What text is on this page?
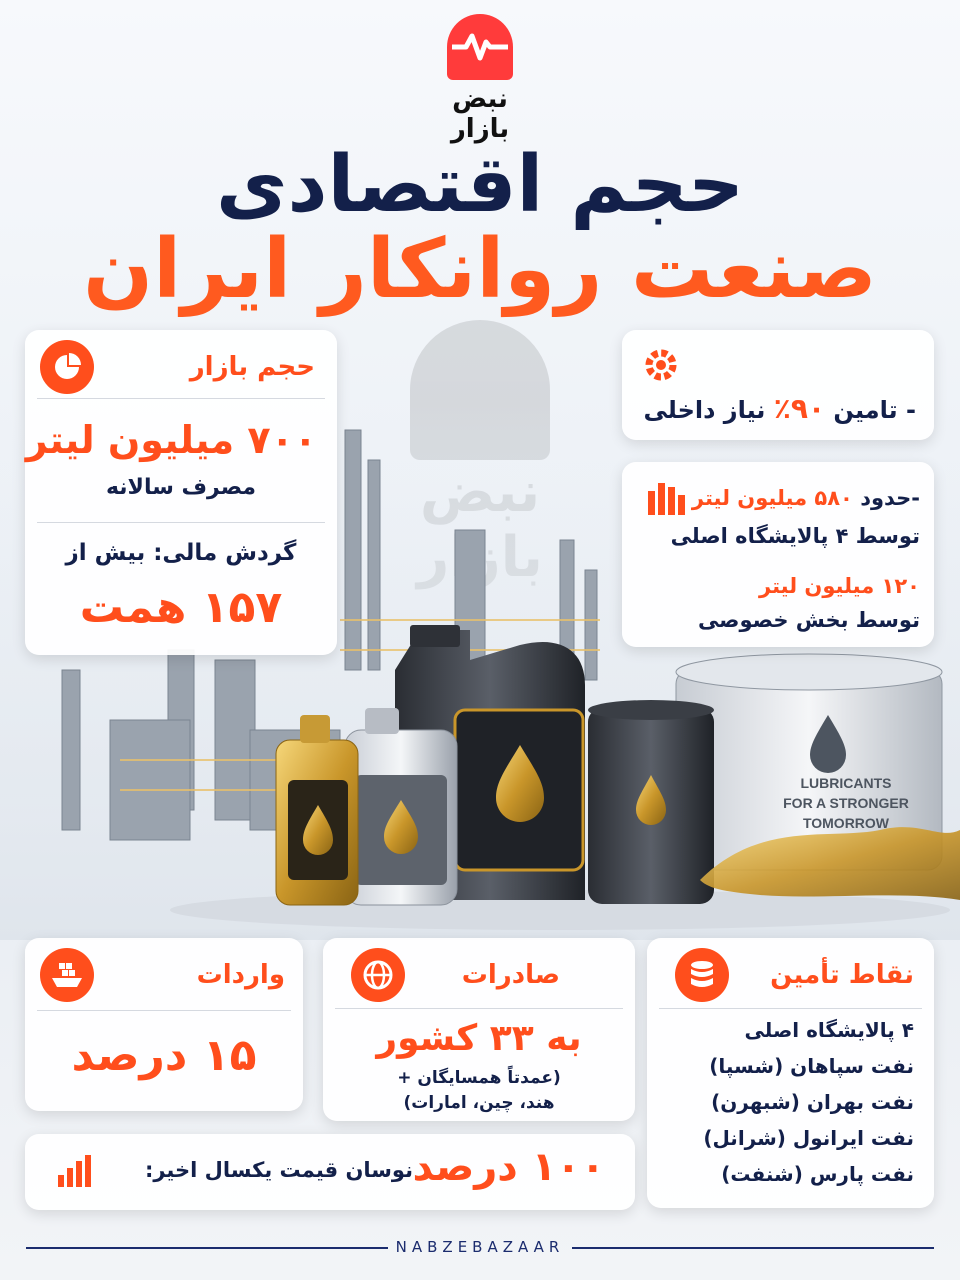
نبض بازار
حجم اقتصادی
صنعت روانکار ایران
LUBRICANTS
FOR A STRONGER
TOMORROW
حجم بازار
۷۰۰ میلیون لیتر
مصرف سالانه
گردش مالی: بیش از
۱۵۷ همت
- تامین ۹۰٪ نیاز داخلی
-حدود ۵۸۰ میلیون لیتر
توسط ۴ پالایشگاه اصلی
۱۲۰ میلیون لیتر
توسط بخش خصوصی
واردات
۱۵ درصد
صادرات
به ۳۳ کشور
(عمدتاً همسایگان +
هند، چین، امارات)
نقاط تأمین
۴ پالایشگاه اصلی
نفت سپاهان (شسپا)
نفت بهران (شبهرن)
نفت ایرانول (شرانل)
نفت پارس (شنفت)
نوسان قیمت یکسال اخیر: ۱۰۰ درصد
NABZEBAZAAR
